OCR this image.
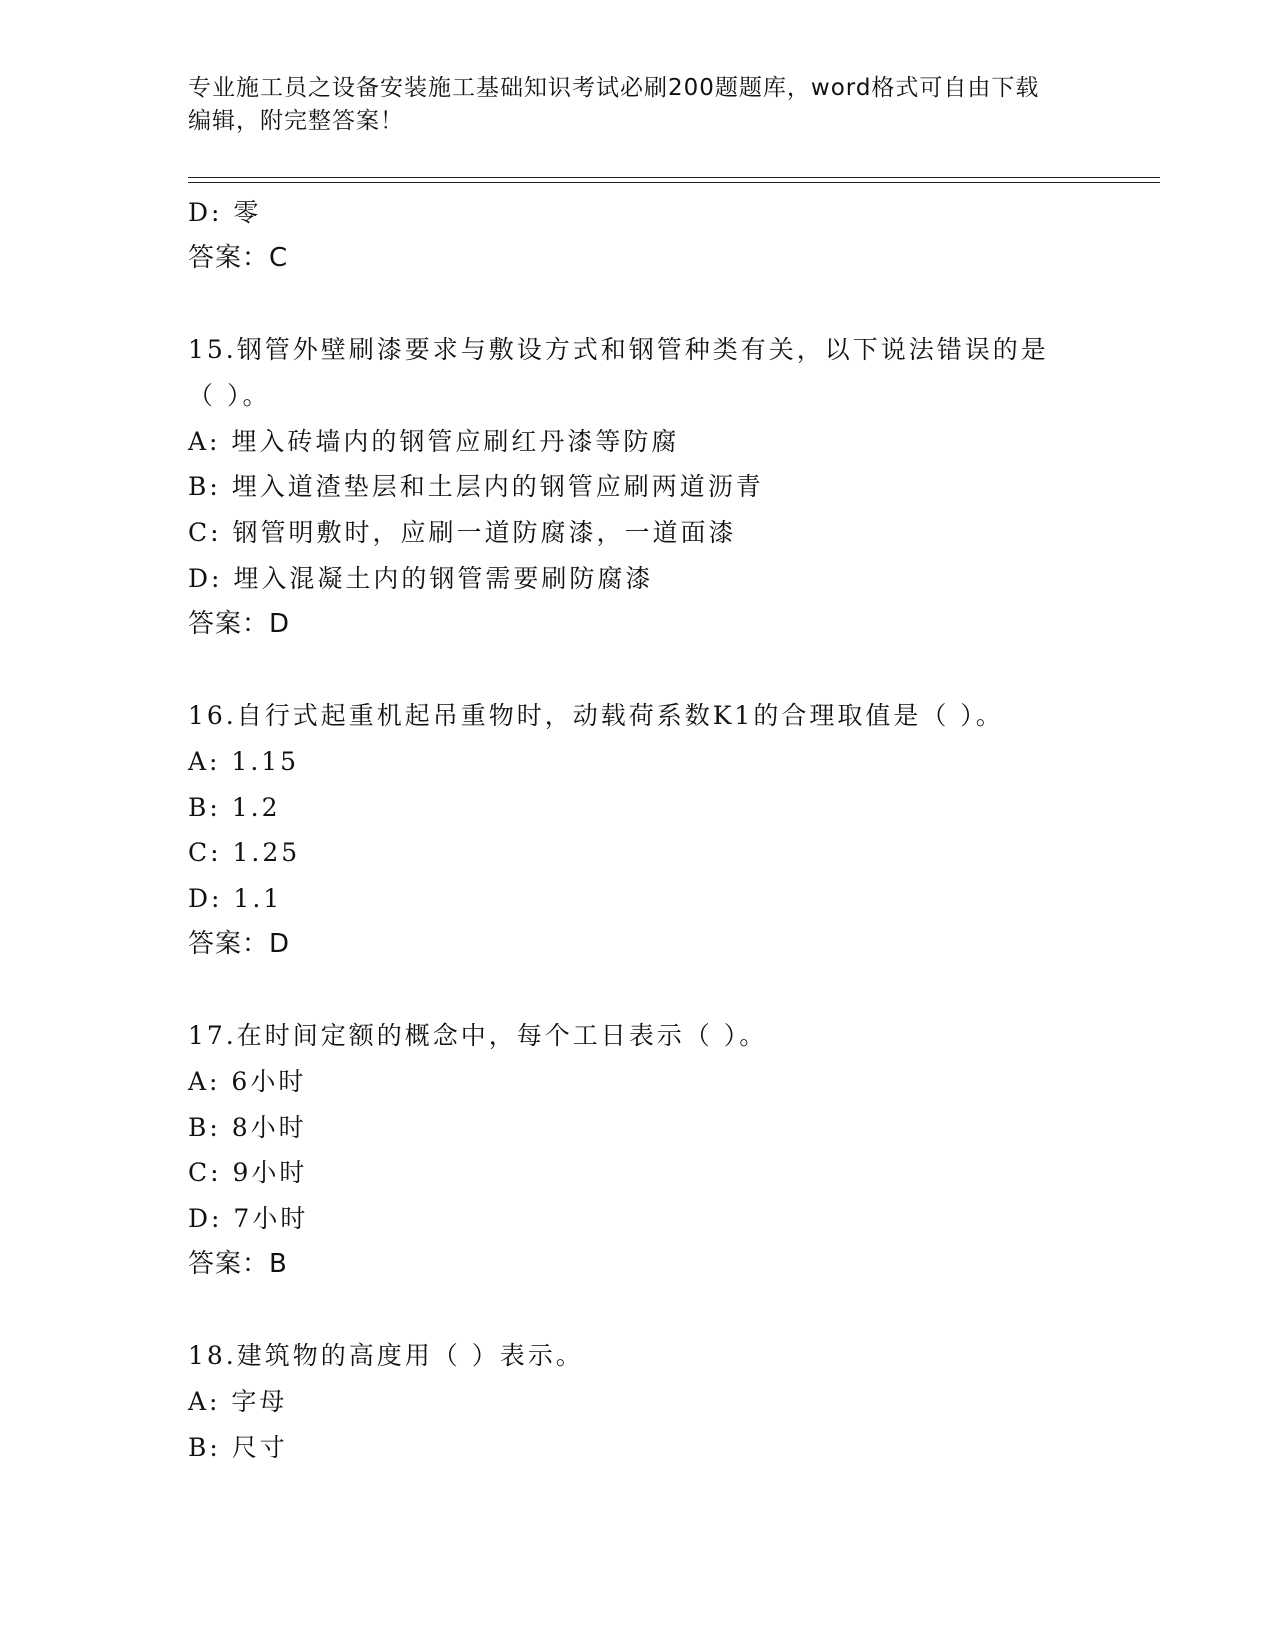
专业施工员之设备安装施工基础知识考试必刷200题题库，word格式可自由下载
编辑，附完整答案！
D: 零
答案：C
15.钢管外壁刷漆要求与敷设方式和钢管种类有关，以下说法错误的是
（ ）。
A: 埋入砖墙内的钢管应刷红丹漆等防腐
B: 埋入道渣垫层和土层内的钢管应刷两道沥青
C: 钢管明敷时，应刷一道防腐漆，一道面漆
D: 埋入混凝土内的钢管需要刷防腐漆
答案：D
16.自行式起重机起吊重物时，动载荷系数K1的合理取值是（ ）。
A: 1.15
B: 1.2
C: 1.25
D: 1.1
答案：D
17.在时间定额的概念中，每个工日表示（ ）。
A: 6小时
B: 8小时
C: 9小时
D: 7小时
答案：B
18.建筑物的高度用（ ）表示。
A: 字母
B: 尺寸
